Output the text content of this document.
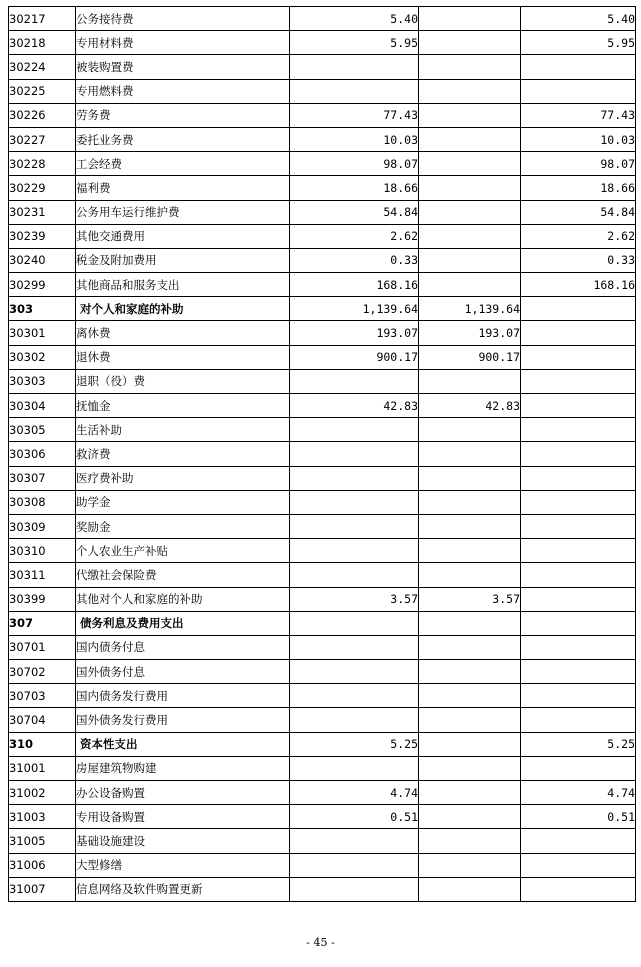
30217	公务接待费	5.40		5.40
30218	专用材料费	5.95		5.95
30224	被装购置费			
30225	专用燃料费			
30226	劳务费	77.43		77.43
30227	委托业务费	10.03		10.03
30228	工会经费	98.07		98.07
30229	福利费	18.66		18.66
30231	公务用车运行维护费	54.84		54.84
30239	其他交通费用	2.62		2.62
30240	税金及附加费用	0.33		0.33
30299	其他商品和服务支出	168.16		168.16
303	对个人和家庭的补助	1,139.64	1,139.64	
30301	离休费	193.07	193.07	
30302	退休费	900.17	900.17	
30303	退职（役）费			
30304	抚恤金	42.83	42.83	
30305	生活补助			
30306	救济费			
30307	医疗费补助			
30308	助学金			
30309	奖励金			
30310	个人农业生产补贴			
30311	代缴社会保险费			
30399	其他对个人和家庭的补助	3.57	3.57	
307	债务利息及费用支出			
30701	国内债务付息			
30702	国外债务付息			
30703	国内债务发行费用			
30704	国外债务发行费用			
310	资本性支出	5.25		5.25
31001	房屋建筑物购建			
31002	办公设备购置	4.74		4.74
31003	专用设备购置	0.51		0.51
31005	基础设施建设			
31006	大型修缮			
31007	信息网络及软件购置更新			
- 45 -
